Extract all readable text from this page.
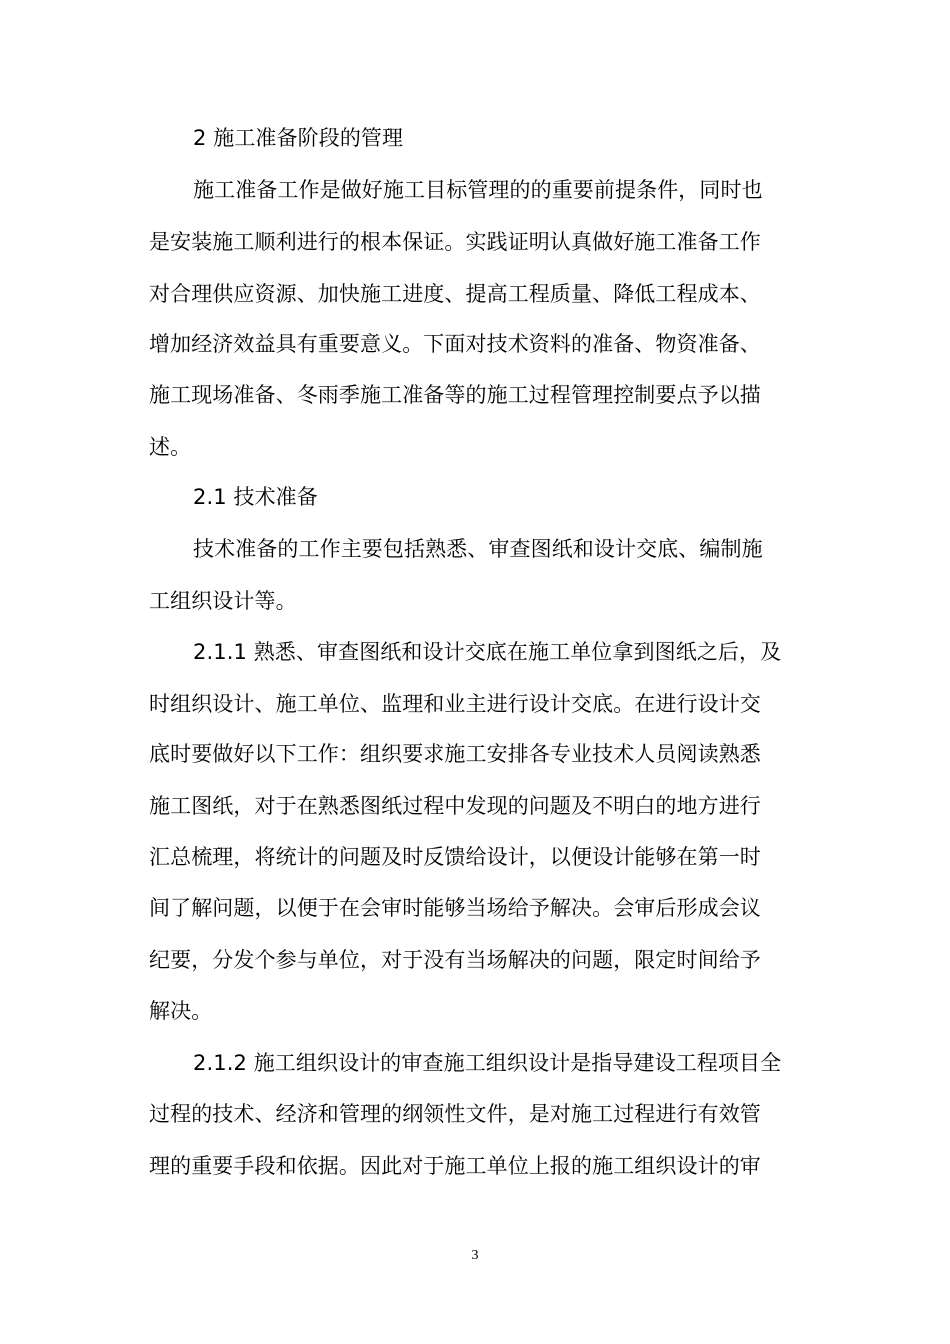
2 施工准备阶段的管理
施工准备工作是做好施工目标管理的的重要前提条件，同时也
是安装施工顺利进行的根本保证。实践证明认真做好施工准备工作
对合理供应资源、加快施工进度、提高工程质量、降低工程成本、
增加经济效益具有重要意义。下面对技术资料的准备、物资准备、
施工现场准备、冬雨季施工准备等的施工过程管理控制要点予以描
述。
2.1 技术准备
技术准备的工作主要包括熟悉、审查图纸和设计交底、编制施
工组织设计等。
2.1.1 熟悉、审查图纸和设计交底在施工单位拿到图纸之后，及
时组织设计、施工单位、监理和业主进行设计交底。在进行设计交
底时要做好以下工作：组织要求施工安排各专业技术人员阅读熟悉
施工图纸，对于在熟悉图纸过程中发现的问题及不明白的地方进行
汇总梳理，将统计的问题及时反馈给设计，以便设计能够在第一时
间了解问题，以便于在会审时能够当场给予解决。会审后形成会议
纪要，分发个参与单位，对于没有当场解决的问题，限定时间给予
解决。
2.1.2 施工组织设计的审查施工组织设计是指导建设工程项目全
过程的技术、经济和管理的纲领性文件，是对施工过程进行有效管
理的重要手段和依据。因此对于施工单位上报的施工组织设计的审
3
